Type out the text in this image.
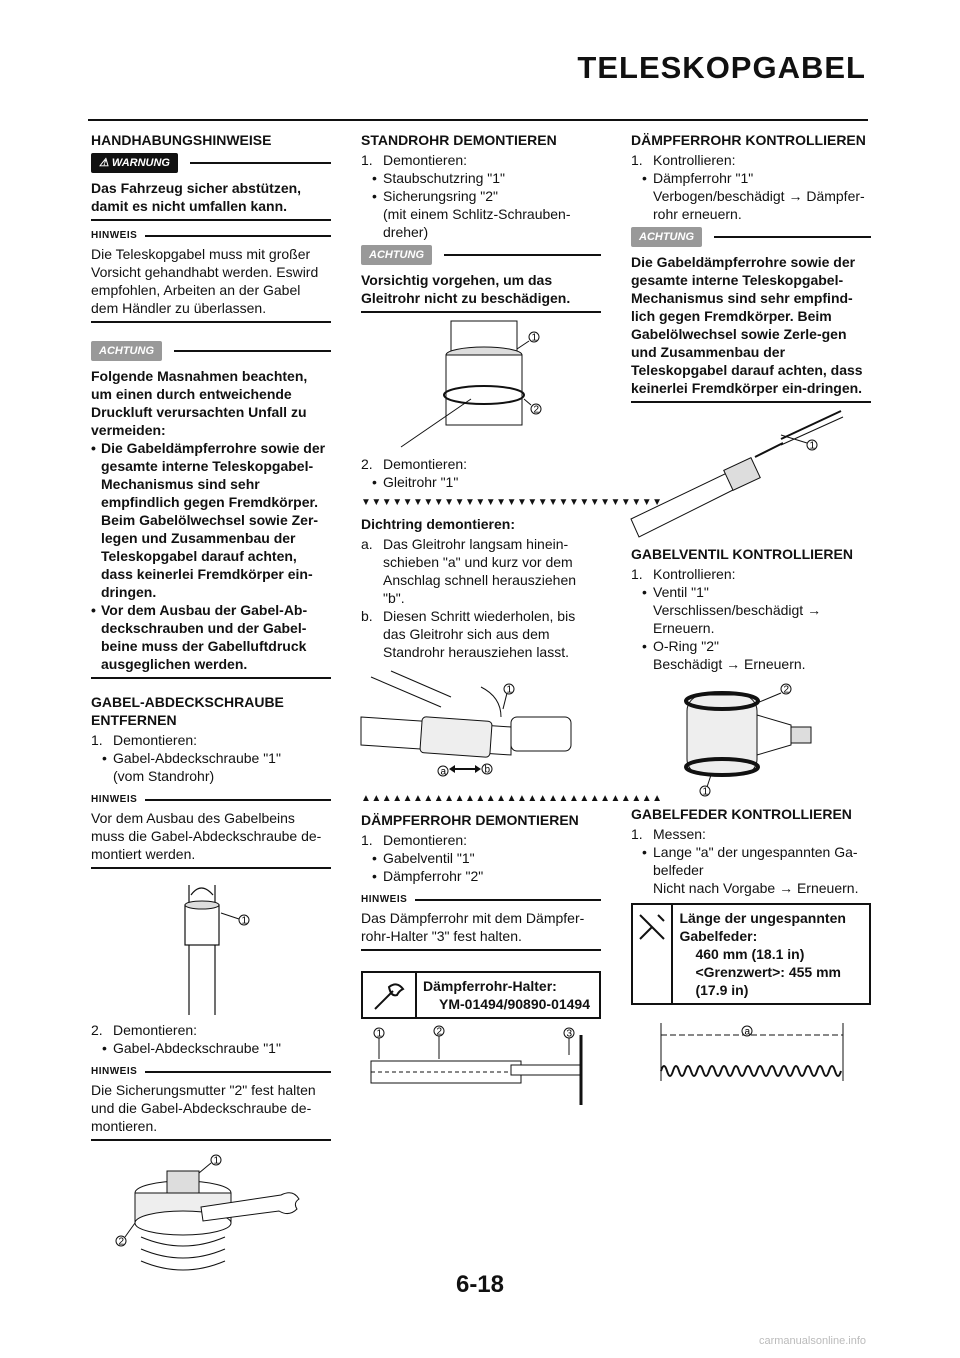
TELESKOPGABEL
HANDHABUNGSHINWEISE
⚠ WARNUNG

Das Fahrzeug sicher abstützen, damit es nicht umfallen kann.

HINWEIS

Die Teleskopgabel muss mit großer Vorsicht gehandhabt werden. Eswird empfohlen, Arbeiten an der Gabel dem Händler zu überlassen.

ACHTUNG

Folgende Masnahmen beachten, um einen durch entweichende Druckluft verursachten Unfall zu vermeiden:

• Die Gabeldämpferrohre sowie der gesamte interne Teleskopgabel- Mechanismus sind sehr empfindlich gegen Fremdkörper. Beim Gabelölwechsel sowie Zer-legen und Zusammenbau der Teleskopgabel darauf achten, dass keinerlei Fremdkörper ein-dringen.
• Vor dem Ausbau der Gabel-Ab-deckschrauben und der Gabel-beine muss der Gabelluftdruck ausgeglichen werden.
GABEL-ABDECKSCHRAUBE ENTFERNEN
1. Demontieren:
• Gabel-Abdeckschraube "1"
(vom Standrohr)
HINWEIS

Vor dem Ausbau des Gabelbeins muss die Gabel-Abdeckschraube de-montiert werden.

1
2. Demontieren:
• Gabel-Abdeckschraube "1"
HINWEIS

Die Sicherungsmutter "2" fest halten und die Gabel-Abdeckschraube de-montieren.

1
2
STANDROHR DEMONTIEREN
1. Demontieren:
• Staubschutzring "1"
• Sicherungsring "2"
(mit einem Schlitz-Schrauben-dreher)
ACHTUNG

Vorsichtig vorgehen, um das Gleitrohr nicht zu beschädigen.

1
2
2. Demontieren:
• Gleitrohr "1"
▼▼▼▼▼▼▼▼▼▼▼▼▼▼▼▼▼▼▼▼▼▼▼▼▼▼▼▼▼
Dichtring demontieren:
a. Das Gleitrohr langsam hinein-schieben "a" und kurz vor dem Anschlag schnell herausziehen "b".
b. Diesen Schritt wiederholen, bis das Gleitrohr sich aus dem Standrohr herausziehen lasst.
1
a	b
▲▲▲▲▲▲▲▲▲▲▲▲▲▲▲▲▲▲▲▲▲▲▲▲▲▲▲▲▲
DÄMPFERROHR DEMONTIEREN
1. Demontieren:
• Gabelventil "1"
• Dämpferrohr "2"
HINWEIS

Das Dämpferrohr mit dem Dämpfer-rohr-Halter "3" fest halten.

Dämpferrohr-Halter:
YM-01494/90890-01494
1	2	3
DÄMPFERROHR KONTROLLIEREN
1. Kontrollieren:
• Dämpferrohr "1"
Verbogen/beschädigt → Dämpfer-rohr erneuern.
ACHTUNG

Die Gabeldämpferrohre sowie der gesamte interne Teleskopgabel-Mechanismus sind sehr empfind-lich gegen Fremdkörper. Beim Gabelölwechsel sowie Zerle-gen und Zusammenbau der Teleskopgabel darauf achten, dass keinerlei Fremdkörper ein-dringen.

1
GABELVENTIL KONTROLLIEREN
1. Kontrollieren:
• Ventil "1"
Verschlissen/beschädigt →
Erneuern.
• O-Ring "2"
Beschädigt → Erneuern.
2
1
GABELFEDER KONTROLLIEREN
1. Messen:
• Lange "a" der ungespannten Ga-belfeder
Nicht nach Vorgabe → Erneuern.
Länge der ungespannten Gabelfeder:
460 mm (18.1 in)
<Grenzwert>: 455 mm (17.9 in)
a
6-18
carmanualsonline.info
